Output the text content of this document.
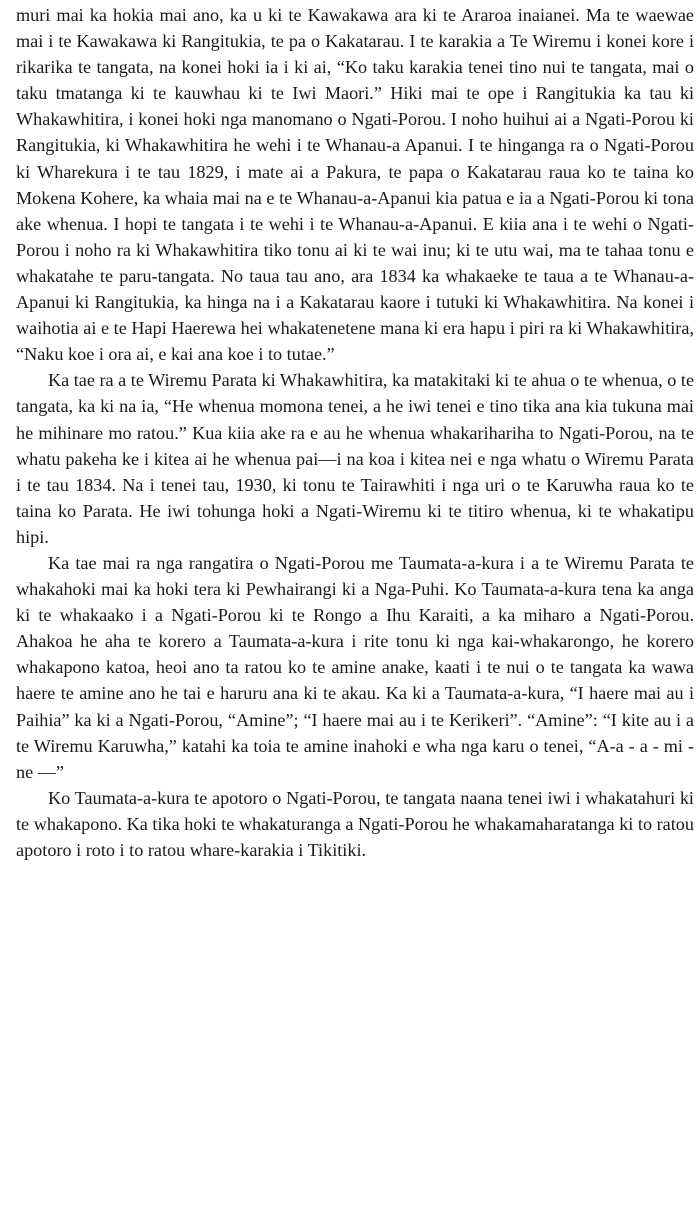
muri mai ka hokia mai ano, ka u ki te Kawakawa ara ki te Araroa inaianei. Ma te waewae mai i te Kawakawa ki Rangitukia, te pa o Kakatarau. I te karakia a Te Wiremu i konei kore i rikarika te tangata, na konei hoki ia i ki ai, “Ko taku karakia tenei tino nui te tangata, mai o taku tmatanga ki te kauwhau ki te Iwi Maori.” Hiki mai te ope i Rangitukia ka tau ki Whakawhitira, i konei hoki nga manomano o Ngati-Porou. I noho huihui ai a Ngati-Porou ki Rangitukia, ki Whakawhitira he wehi i te Whanau-a Apanui. I te hinganga ra o Ngati-Porou ki Wharekura i te tau 1829, i mate ai a Pakura, te papa o Kakatarau raua ko te taina ko Mokena Kohere, ka whaia mai na e te Whanau-a-Apanui kia patua e ia a Ngati-Porou ki tona ake whenua. I hopi te tangata i te wehi i te Whanau-a-Apanui. E kiia ana i te wehi o Ngati-Porou i noho ra ki Whakawhitira tiko tonu ai ki te wai inu; ki te utu wai, ma te tahaa tonu e whakatahe te paru-tangata. No taua tau ano, ara 1834 ka whakaeke te taua a te Whanau-a-Apanui ki Rangitukia, ka hinga na i a Kakatarau kaore i tutuki ki Whakawhitira. Na konei i waihotia ai e te Hapi Haerewa hei whakatenetene mana ki era hapu i piri ra ki Whakawhitira, “Naku koe i ora ai, e kai ana koe i to tutae.”

Ka tae ra a te Wiremu Parata ki Whakawhitira, ka matakitaki ki te ahua o te whenua, o te tangata, ka ki na ia, “He whenua momona tenei, a he iwi tenei e tino tika ana kia tukuna mai he mihinare mo ratou.” Kua kiia ake ra e au he whenua whakarihariha to Ngati-Porou, na te whatu pakeha ke i kitea ai he whenua pai—i na koa i kitea nei e nga whatu o Wiremu Parata i te tau 1834. Na i tenei tau, 1930, ki tonu te Tairawhiti i nga uri o te Karuwha raua ko te taina ko Parata. He iwi tohunga hoki a Ngati-Wiremu ki te titiro whenua, ki te whakatipu hipi.

Ka tae mai ra nga rangatira o Ngati-Porou me Taumata-a-kura i a te Wiremu Parata te whakahoki mai ka hoki tera ki Pewhairangi ki a Nga-Puhi. Ko Taumata-a-kura tena ka anga ki te whakaako i a Ngati-Porou ki te Rongo a Ihu Karaiti, a ka miharo a Ngati-Porou. Ahakoa he aha te korero a Taumata-a-kura i rite tonu ki nga kai-whakarongo, he korero whakapono katoa, heoi ano ta ratou ko te amine anake, kaati i te nui o te tangata ka wawa haere te amine ano he tai e haruru ana ki te akau. Ka ki a Taumata-a-kura, “I haere mai au i Paihia” ka ki a Ngati-Porou, “Amine”; “I haere mai au i te Kerikeri”. “Amine”: “I kite au i a te Wiremu Karuwha,” katahi ka toia te amine inahoki e wha nga karu o tenei, “A-a - a - mi - ne —”

Ko Taumata-a-kura te apotoro o Ngati-Porou, te tangata naana tenei iwi i whakatahuri ki te whakapono. Ka tika hoki te whakaturanga a Ngati-Porou he whakamaharatanga ki to ratou apotoro i roto i to ratou whare-karakia i Tikitiki.
